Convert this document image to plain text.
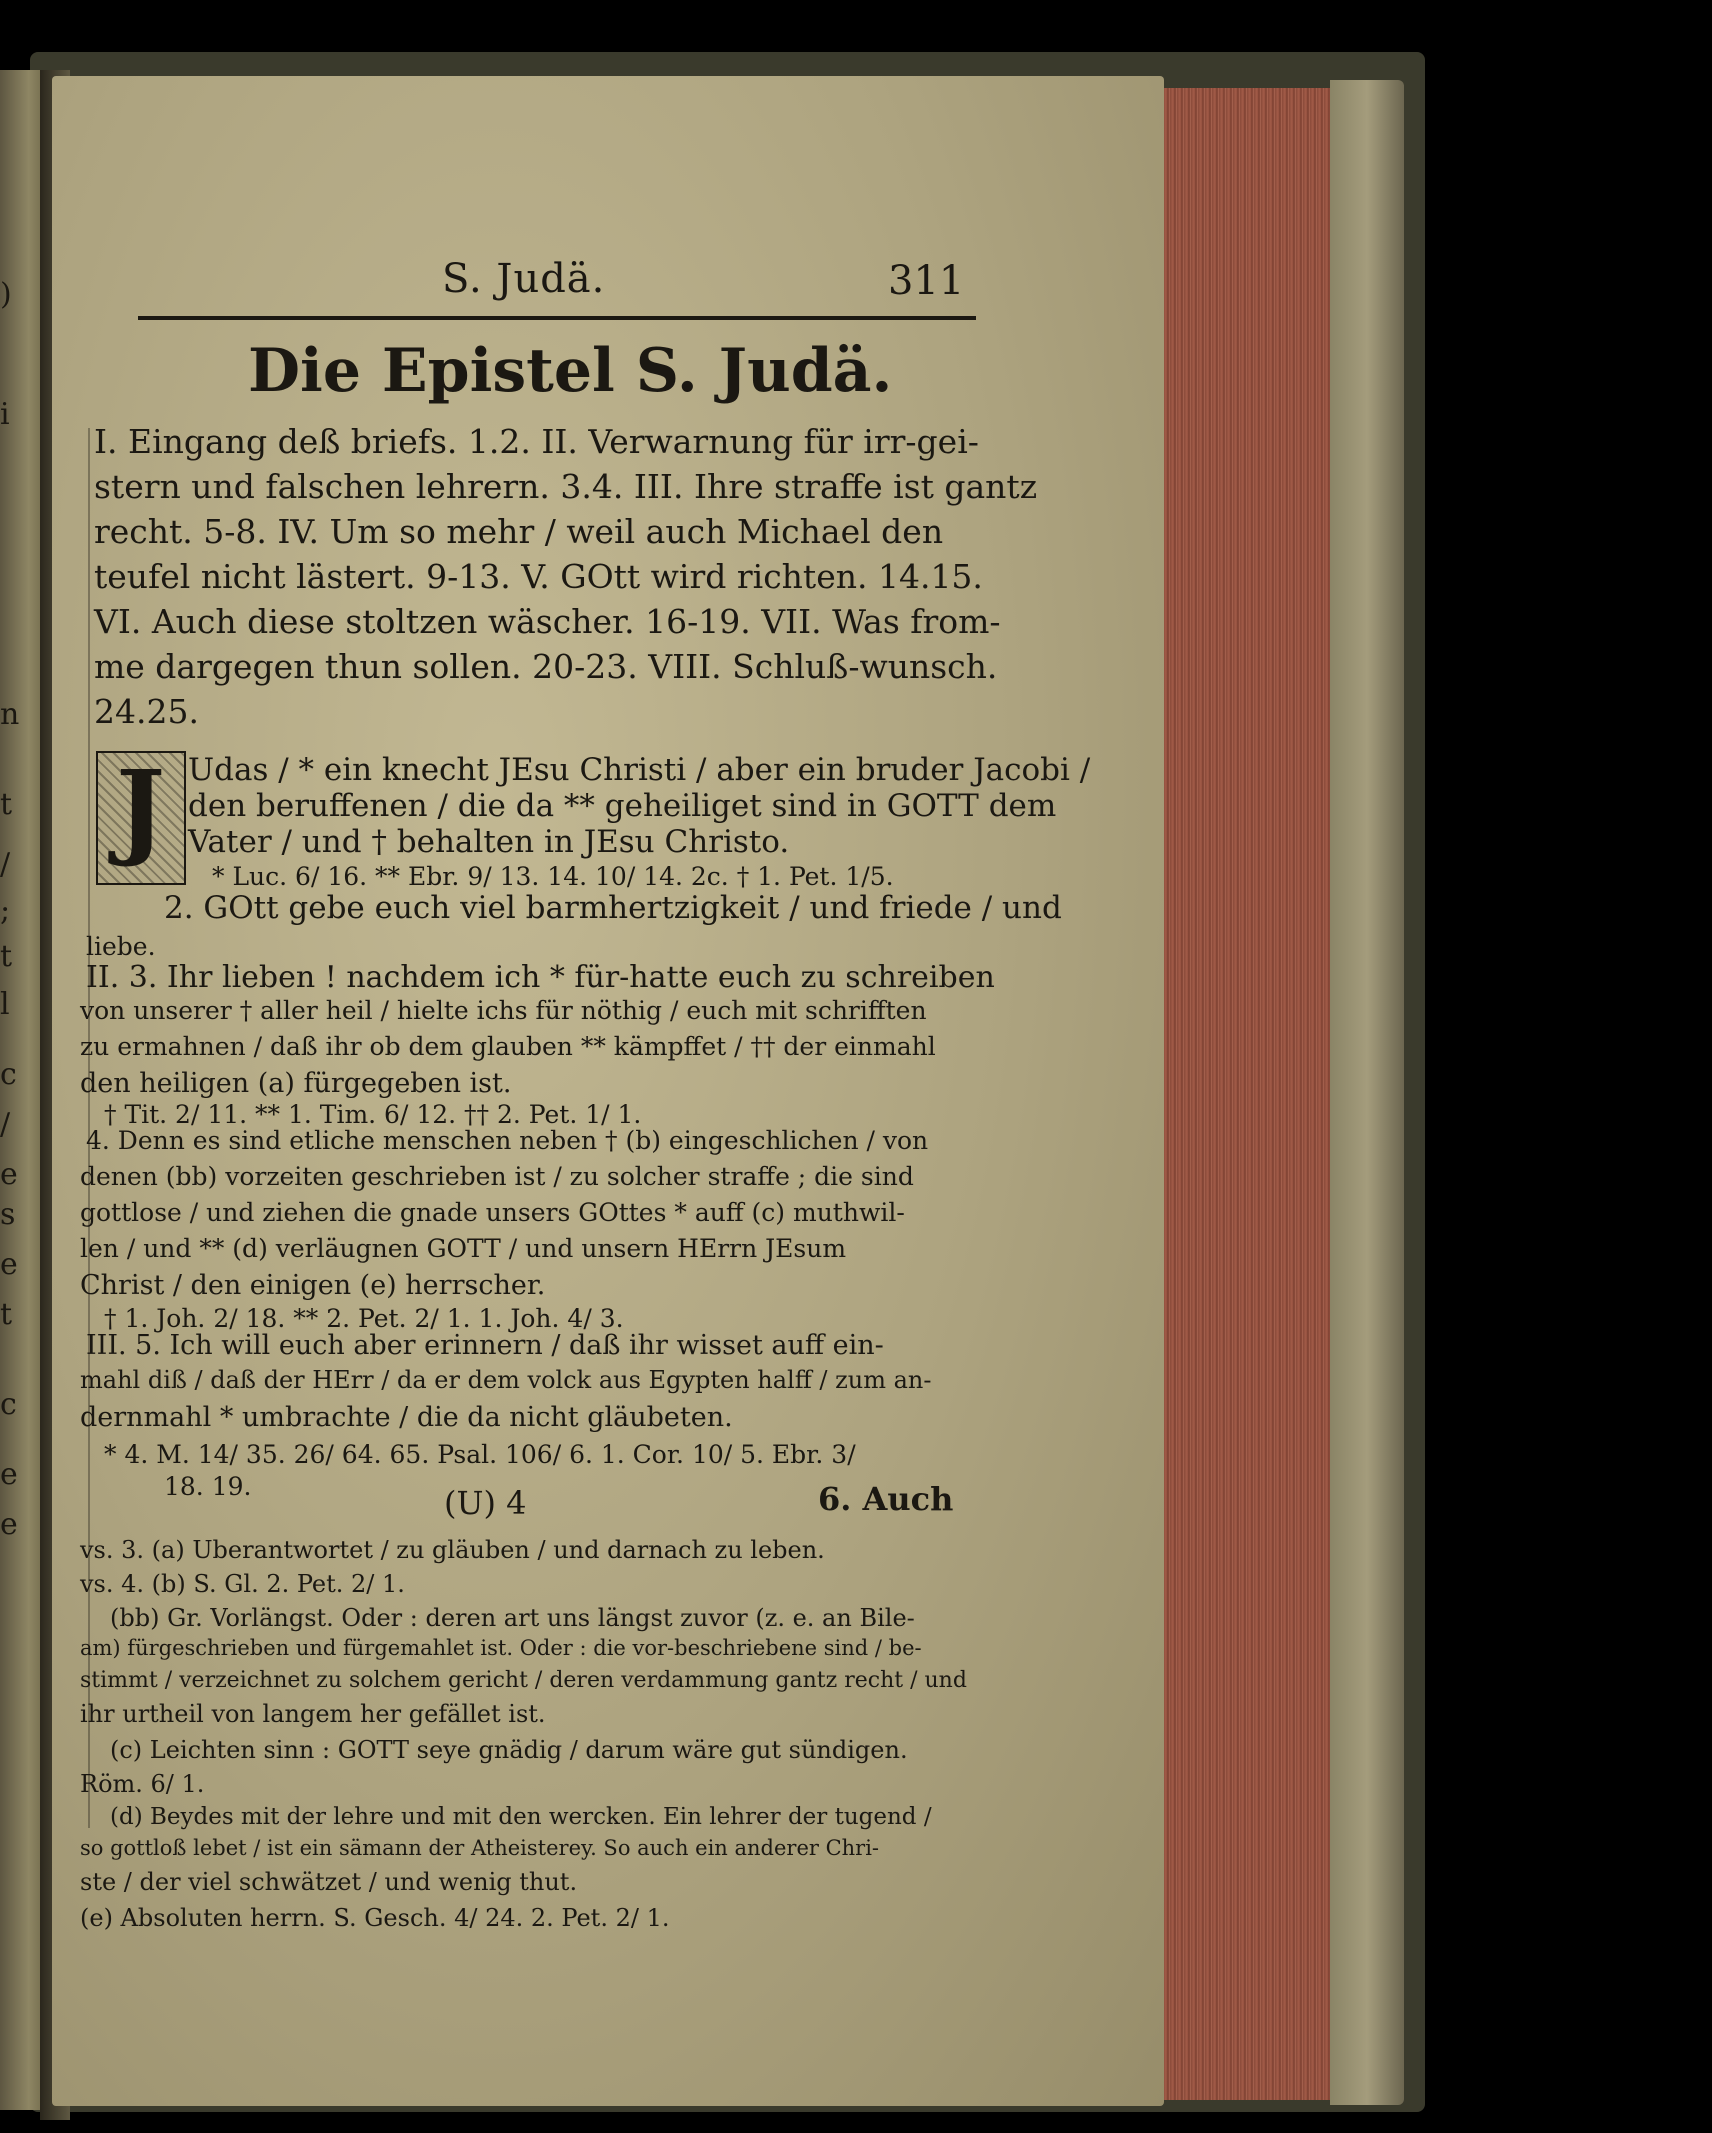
)
i
n
t
/
;
t
l
c
/
e
s
e
t
c
e
e
S. Judä.	311
Die Epistel S. Judä.
I. Eingang deß briefs. 1.2. II. Verwarnung für irr-gei-
stern und falschen lehrern. 3.4. III. Ihre straffe ist gantz
recht. 5-8. IV. Um so mehr / weil auch Michael den
teufel nicht lästert. 9-13. V. GOtt wird richten. 14.15.
VI. Auch diese stoltzen wäscher. 16-19. VII. Was from-
me dargegen thun sollen. 20-23. VIII. Schluß-wunsch.
24.25.
J Udas / * ein knecht JEsu Christi / aber ein bruder Jacobi /
den beruffenen / die da ** geheiliget sind in GOTT dem
Vater / und † behalten in JEsu Christo.
* Luc. 6/ 16. ** Ebr. 9/ 13. 14. 10/ 14. 2c. † 1. Pet. 1/5.
2. GOtt gebe euch viel barmhertzigkeit / und friede / und
liebe.
II. 3. Ihr lieben ! nachdem ich * für-hatte euch zu schreiben
von unserer † aller heil / hielte ichs für nöthig / euch mit schrifften
zu ermahnen / daß ihr ob dem glauben ** kämpffet / †† der einmahl
den heiligen (a) fürgegeben ist.
† Tit. 2/ 11. ** 1. Tim. 6/ 12. †† 2. Pet. 1/ 1.
4. Denn es sind etliche menschen neben † (b) eingeschlichen / von
denen (bb) vorzeiten geschrieben ist / zu solcher straffe ; die sind
gottlose / und ziehen die gnade unsers GOttes * auff (c) muthwil-
len / und ** (d) verläugnen GOTT / und unsern HErrn JEsum
Christ / den einigen (e) herrscher.
† 1. Joh. 2/ 18. ** 2. Pet. 2/ 1. 1. Joh. 4/ 3.
III. 5. Ich will euch aber erinnern / daß ihr wisset auff ein-
mahl diß / daß der HErr / da er dem volck aus Egypten halff / zum an-
dernmahl * umbrachte / die da nicht gläubeten.
* 4. M. 14/ 35. 26/ 64. 65. Psal. 106/ 6. 1. Cor. 10/ 5. Ebr. 3/
18. 19.	(U) 4	6. Auch
vs. 3. (a) Uberantwortet / zu gläuben / und darnach zu leben.
vs. 4. (b) S. Gl. 2. Pet. 2/ 1.
(bb) Gr. Vorlängst. Oder : deren art uns längst zuvor (z. e. an Bile-
am) fürgeschrieben und fürgemahlet ist. Oder : die vor-beschriebene sind / be-
stimmt / verzeichnet zu solchem gericht / deren verdammung gantz recht / und
ihr urtheil von langem her gefället ist.
(c) Leichten sinn : GOTT seye gnädig / darum wäre gut sündigen.
Röm. 6/ 1.
(d) Beydes mit der lehre und mit den wercken. Ein lehrer der tugend /
so gottloß lebet / ist ein sämann der Atheisterey. So auch ein anderer Chri-
ste / der viel schwätzet / und wenig thut.
(e) Absoluten herrn. S. Gesch. 4/ 24. 2. Pet. 2/ 1.
